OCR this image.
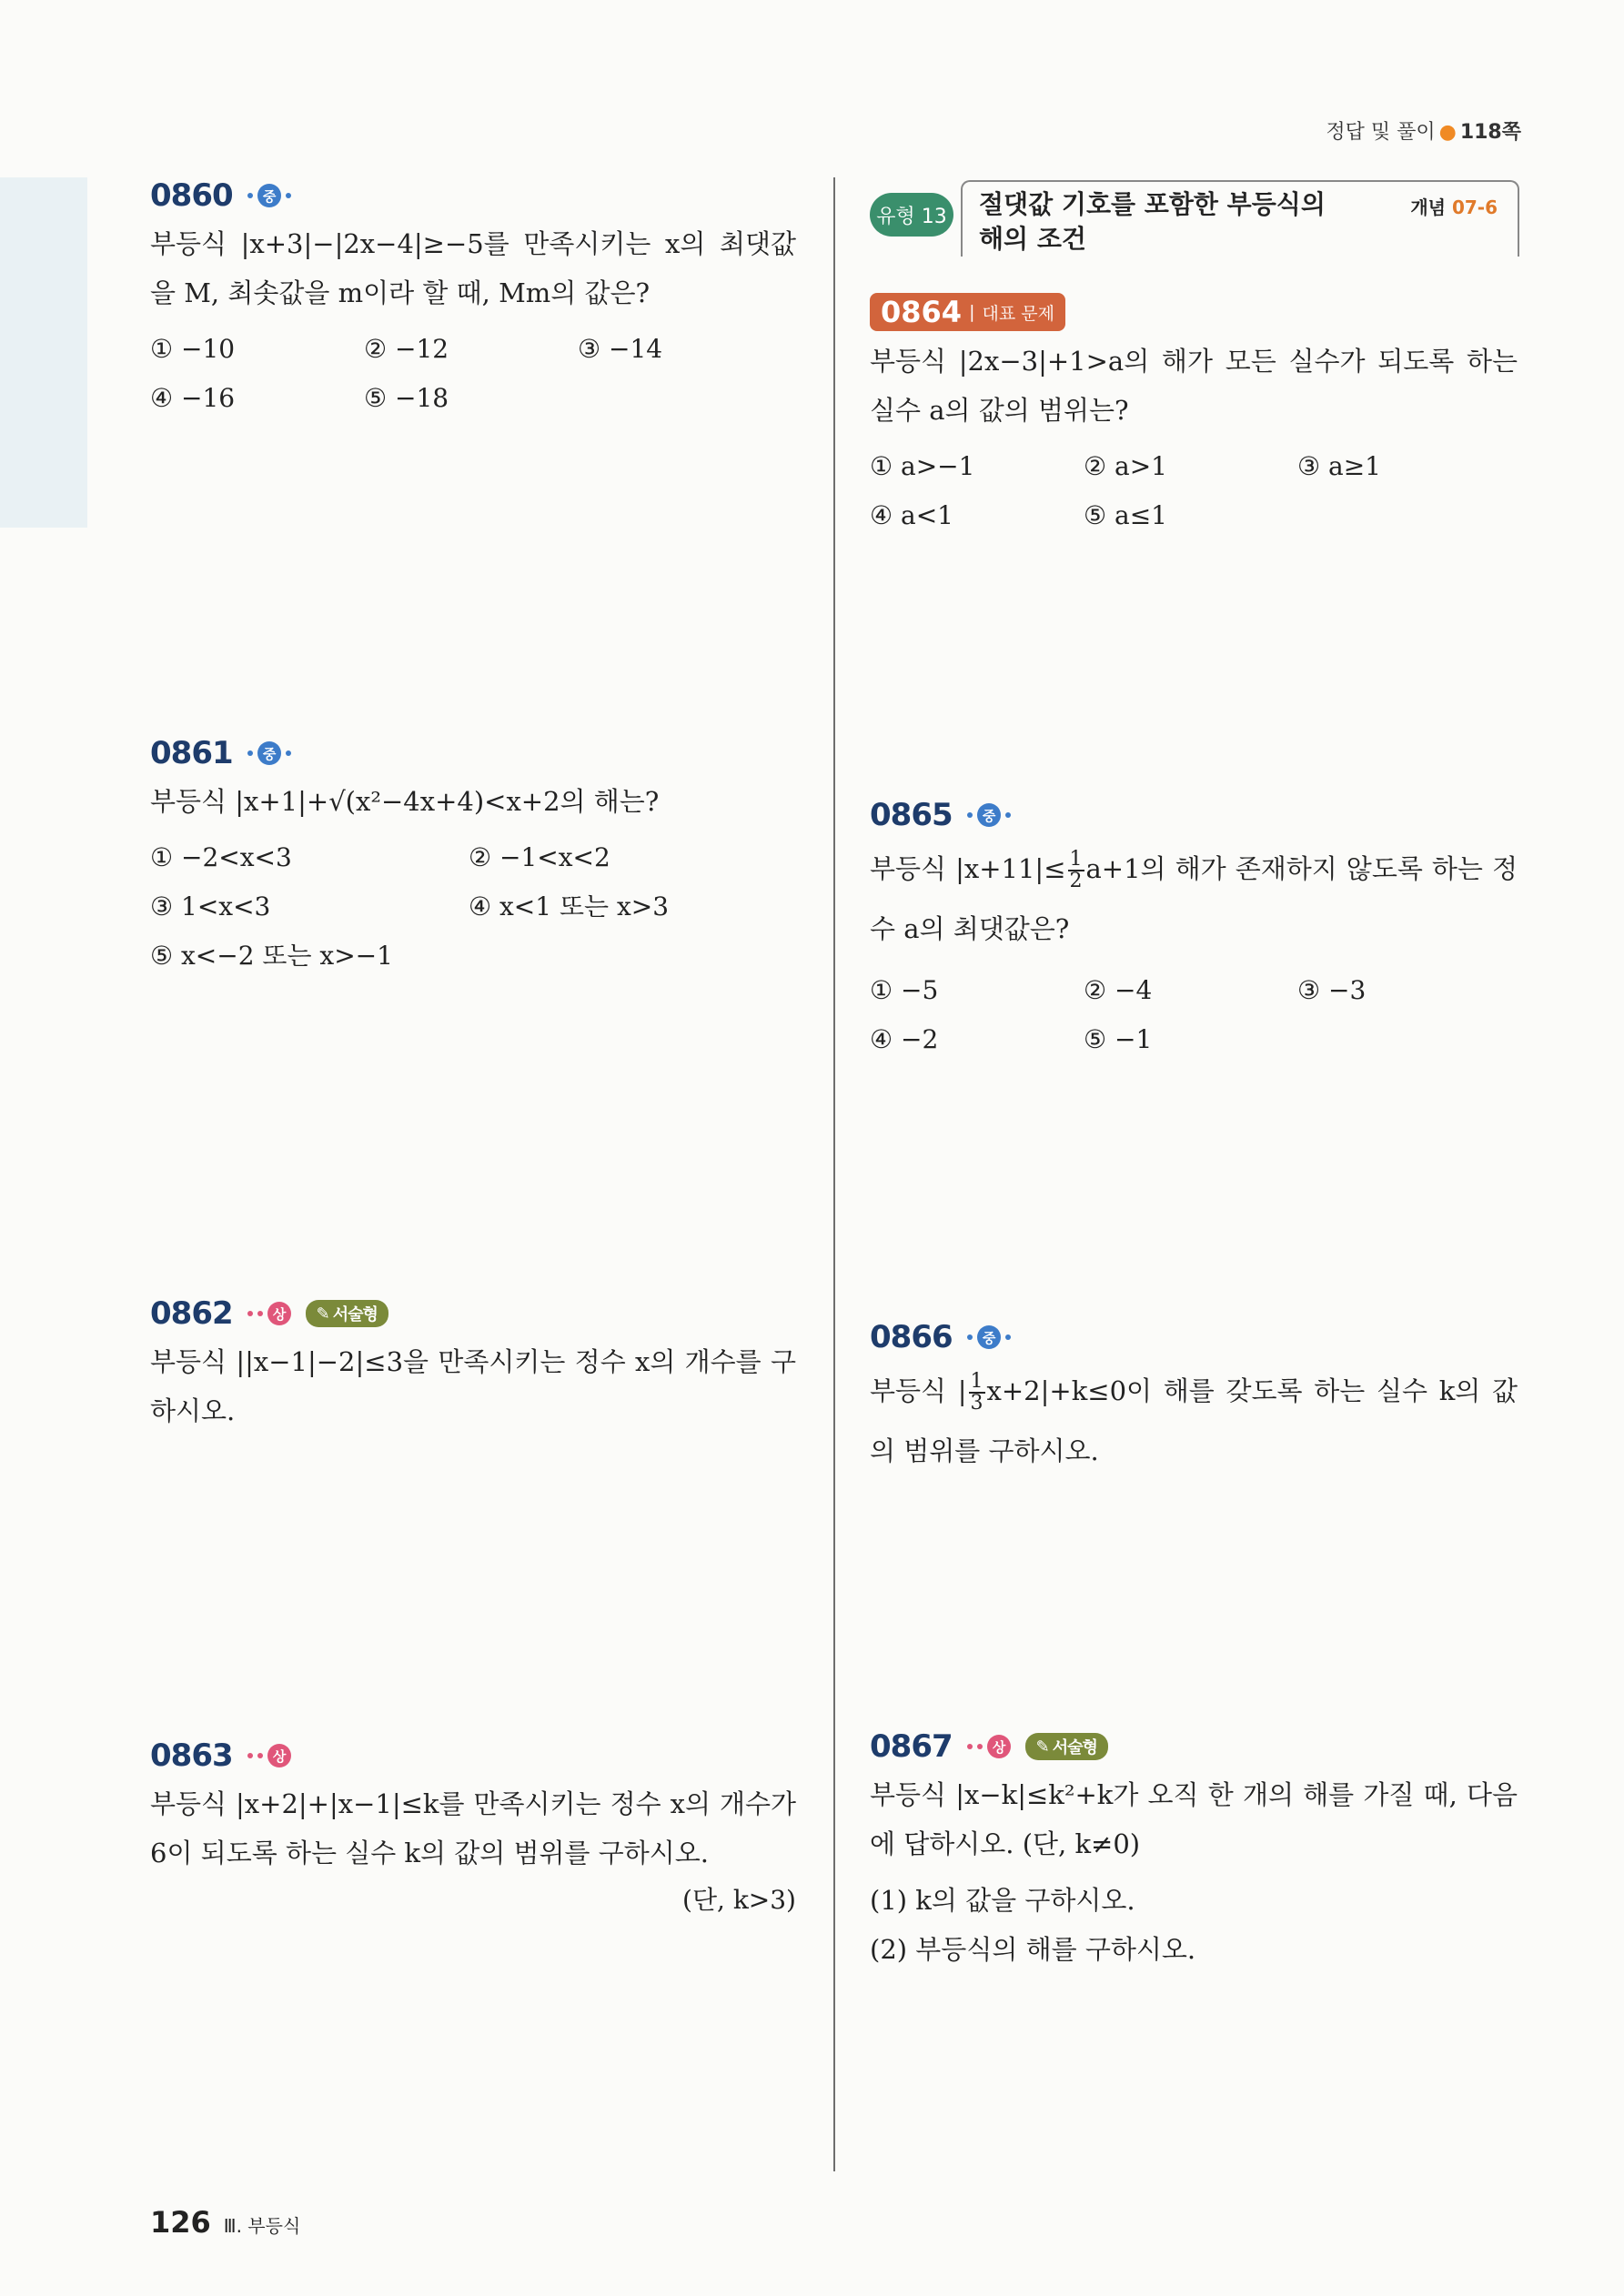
정답 및 풀이 ● 118쪽
0860	중
부등식 |x+3|−|2x−4|≥−5를 만족시키는 x의 최댓값을 M, 최솟값을 m이라 할 때, Mm의 값은?
① −10	② −12	③ −14
④ −16	⑤ −18
0861	중
부등식 |x+1|+√(x²−4x+4)<x+2의 해는?
① −2<x<3	② −1<x<2
③ 1<x<3	④ x<1 또는 x>3
⑤ x<−2 또는 x>−1
0862	상	✎ 서술형
부등식 ||x−1|−2|≤3을 만족시키는 정수 x의 개수를 구하시오.
0863	상
부등식 |x+2|+|x−1|≤k를 만족시키는 정수 x의 개수가 6이 되도록 하는 실수 k의 값의 범위를 구하시오.
(단, k>3)
유형 13 절댓값 기호를 포함한 부등식의
해의 조건
개념 07-6
0864 | 대표 문제
부등식 |2x−3|+1>a의 해가 모든 실수가 되도록 하는 실수 a의 값의 범위는?
① a>−1	② a>1	③ a≥1
④ a<1	⑤ a≤1
0865	중
부등식 $|x+11|\le \frac{1}{2} a+1$의 해가 존재하지 않도록 하는 정수 a의 최댓값은?
① −5	② −4	③ −3
④ −2	⑤ −1
0866	중
부등식 | $\frac{1}{3} x+2|+k\le 0$이 해를 갖도록 하는 실수 k의 값의 범위를 구하시오.
0867	상	✎ 서술형
부등식 |x−k|≤k²+k가 오직 한 개의 해를 가질 때, 다음에 답하시오. (단, k≠0)
(1) k의 값을 구하시오.
(2) 부등식의 해를 구하시오.
126 Ⅲ. 부등식
